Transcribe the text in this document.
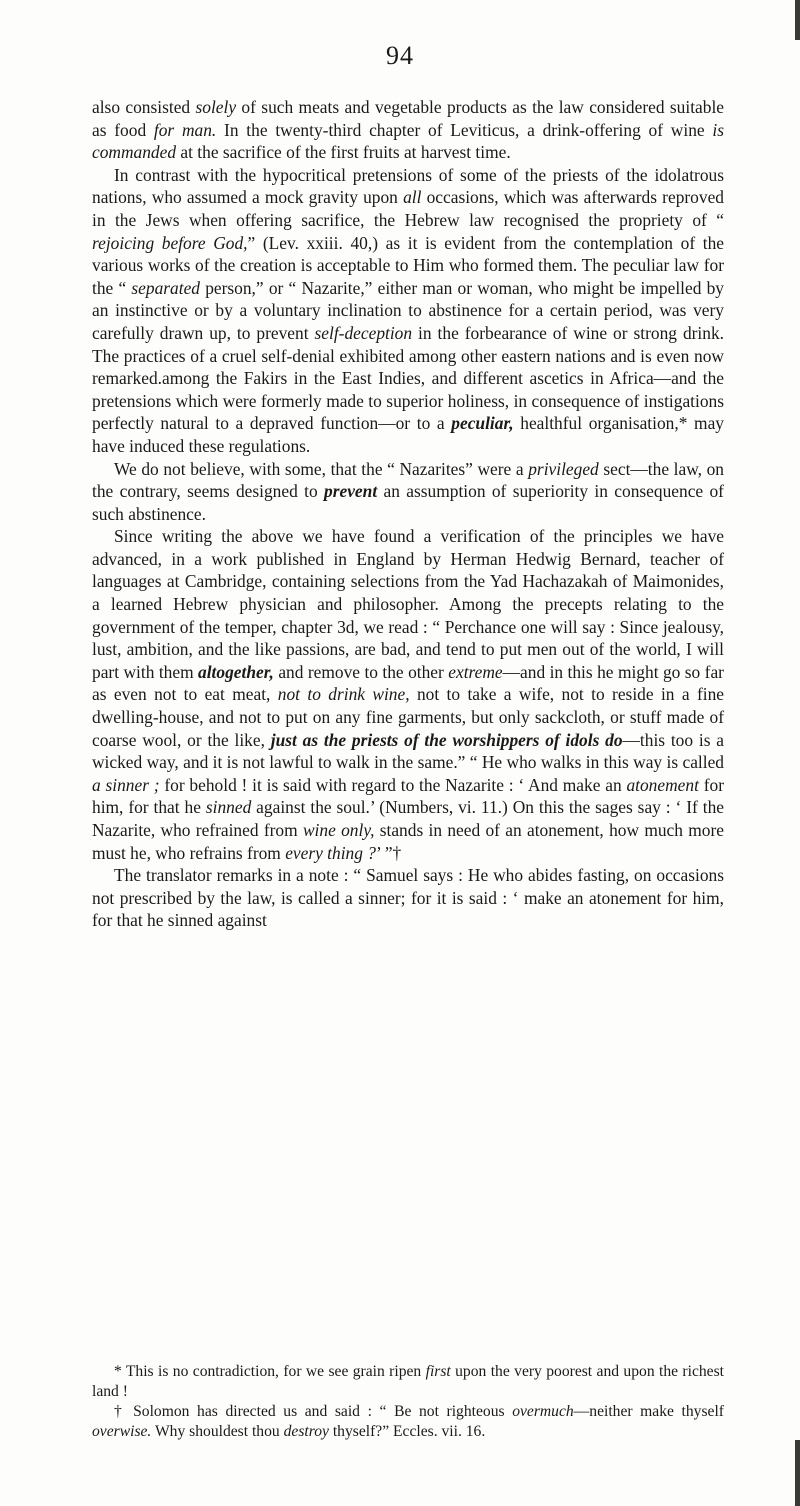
94

also consisted solely of such meats and vegetable products as the law considered suitable as food for man. In the twenty-third chapter of Leviticus, a drink-offering of wine is commanded at the sacrifice of the first fruits at harvest time.

In contrast with the hypocritical pretensions of some of the priests of the idolatrous nations, who assumed a mock gravity upon all occasions, which was afterwards reproved in the Jews when offering sacrifice, the Hebrew law recognised the propriety of “ rejoicing before God,” (Lev. xxiii. 40,) as it is evident from the contemplation of the various works of the creation is acceptable to Him who formed them. The peculiar law for the “ separated person,” or “ Nazarite,” either man or woman, who might be impelled by an instinctive or by a voluntary inclination to abstinence for a certain period, was very carefully drawn up, to prevent self-deception in the forbearance of wine or strong drink. The practices of a cruel self-denial exhibited among other eastern nations and is even now remarked.among the Fakirs in the East Indies, and different ascetics in Africa—and the pretensions which were formerly made to superior holiness, in consequence of instigations perfectly natural to a depraved function—or to a peculiar, healthful organisation,* may have induced these regulations.

We do not believe, with some, that the “ Nazarites” were a privileged sect—the law, on the contrary, seems designed to prevent an assumption of superiority in consequence of such abstinence.

Since writing the above we have found a verification of the principles we have advanced, in a work published in England by Herman Hedwig Bernard, teacher of languages at Cambridge, containing selections from the Yad Hachazakah of Maimonides, a learned Hebrew physician and philosopher. Among the precepts relating to the government of the temper, chapter 3d, we read : “ Perchance one will say : Since jealousy, lust, ambition, and the like passions, are bad, and tend to put men out of the world, I will part with them altogether, and remove to the other extreme—and in this he might go so far as even not to eat meat, not to drink wine, not to take a wife, not to reside in a fine dwelling-house, and not to put on any fine garments, but only sackcloth, or stuff made of coarse wool, or the like, just as the priests of the worshippers of idols do—this too is a wicked way, and it is not lawful to walk in the same.” “ He who walks in this way is called a sinner ; for behold ! it is said with regard to the Nazarite : ‘ And make an atonement for him, for that he sinned against the soul.’ (Numbers, vi. 11.) On this the sages say : ‘ If the Nazarite, who refrained from wine only, stands in need of an atonement, how much more must he, who refrains from every thing ?’ ”†

The translator remarks in a note : “ Samuel says : He who abides fasting, on occasions not prescribed by the law, is called a sinner; for it is said : ‘ make an atonement for him, for that he sinned against

* This is no contradiction, for we see grain ripen first upon the very poorest and upon the richest land !

† Solomon has directed us and said : “ Be not righteous overmuch—neither make thyself overwise. Why shouldest thou destroy thyself?” Eccles. vii. 16.
